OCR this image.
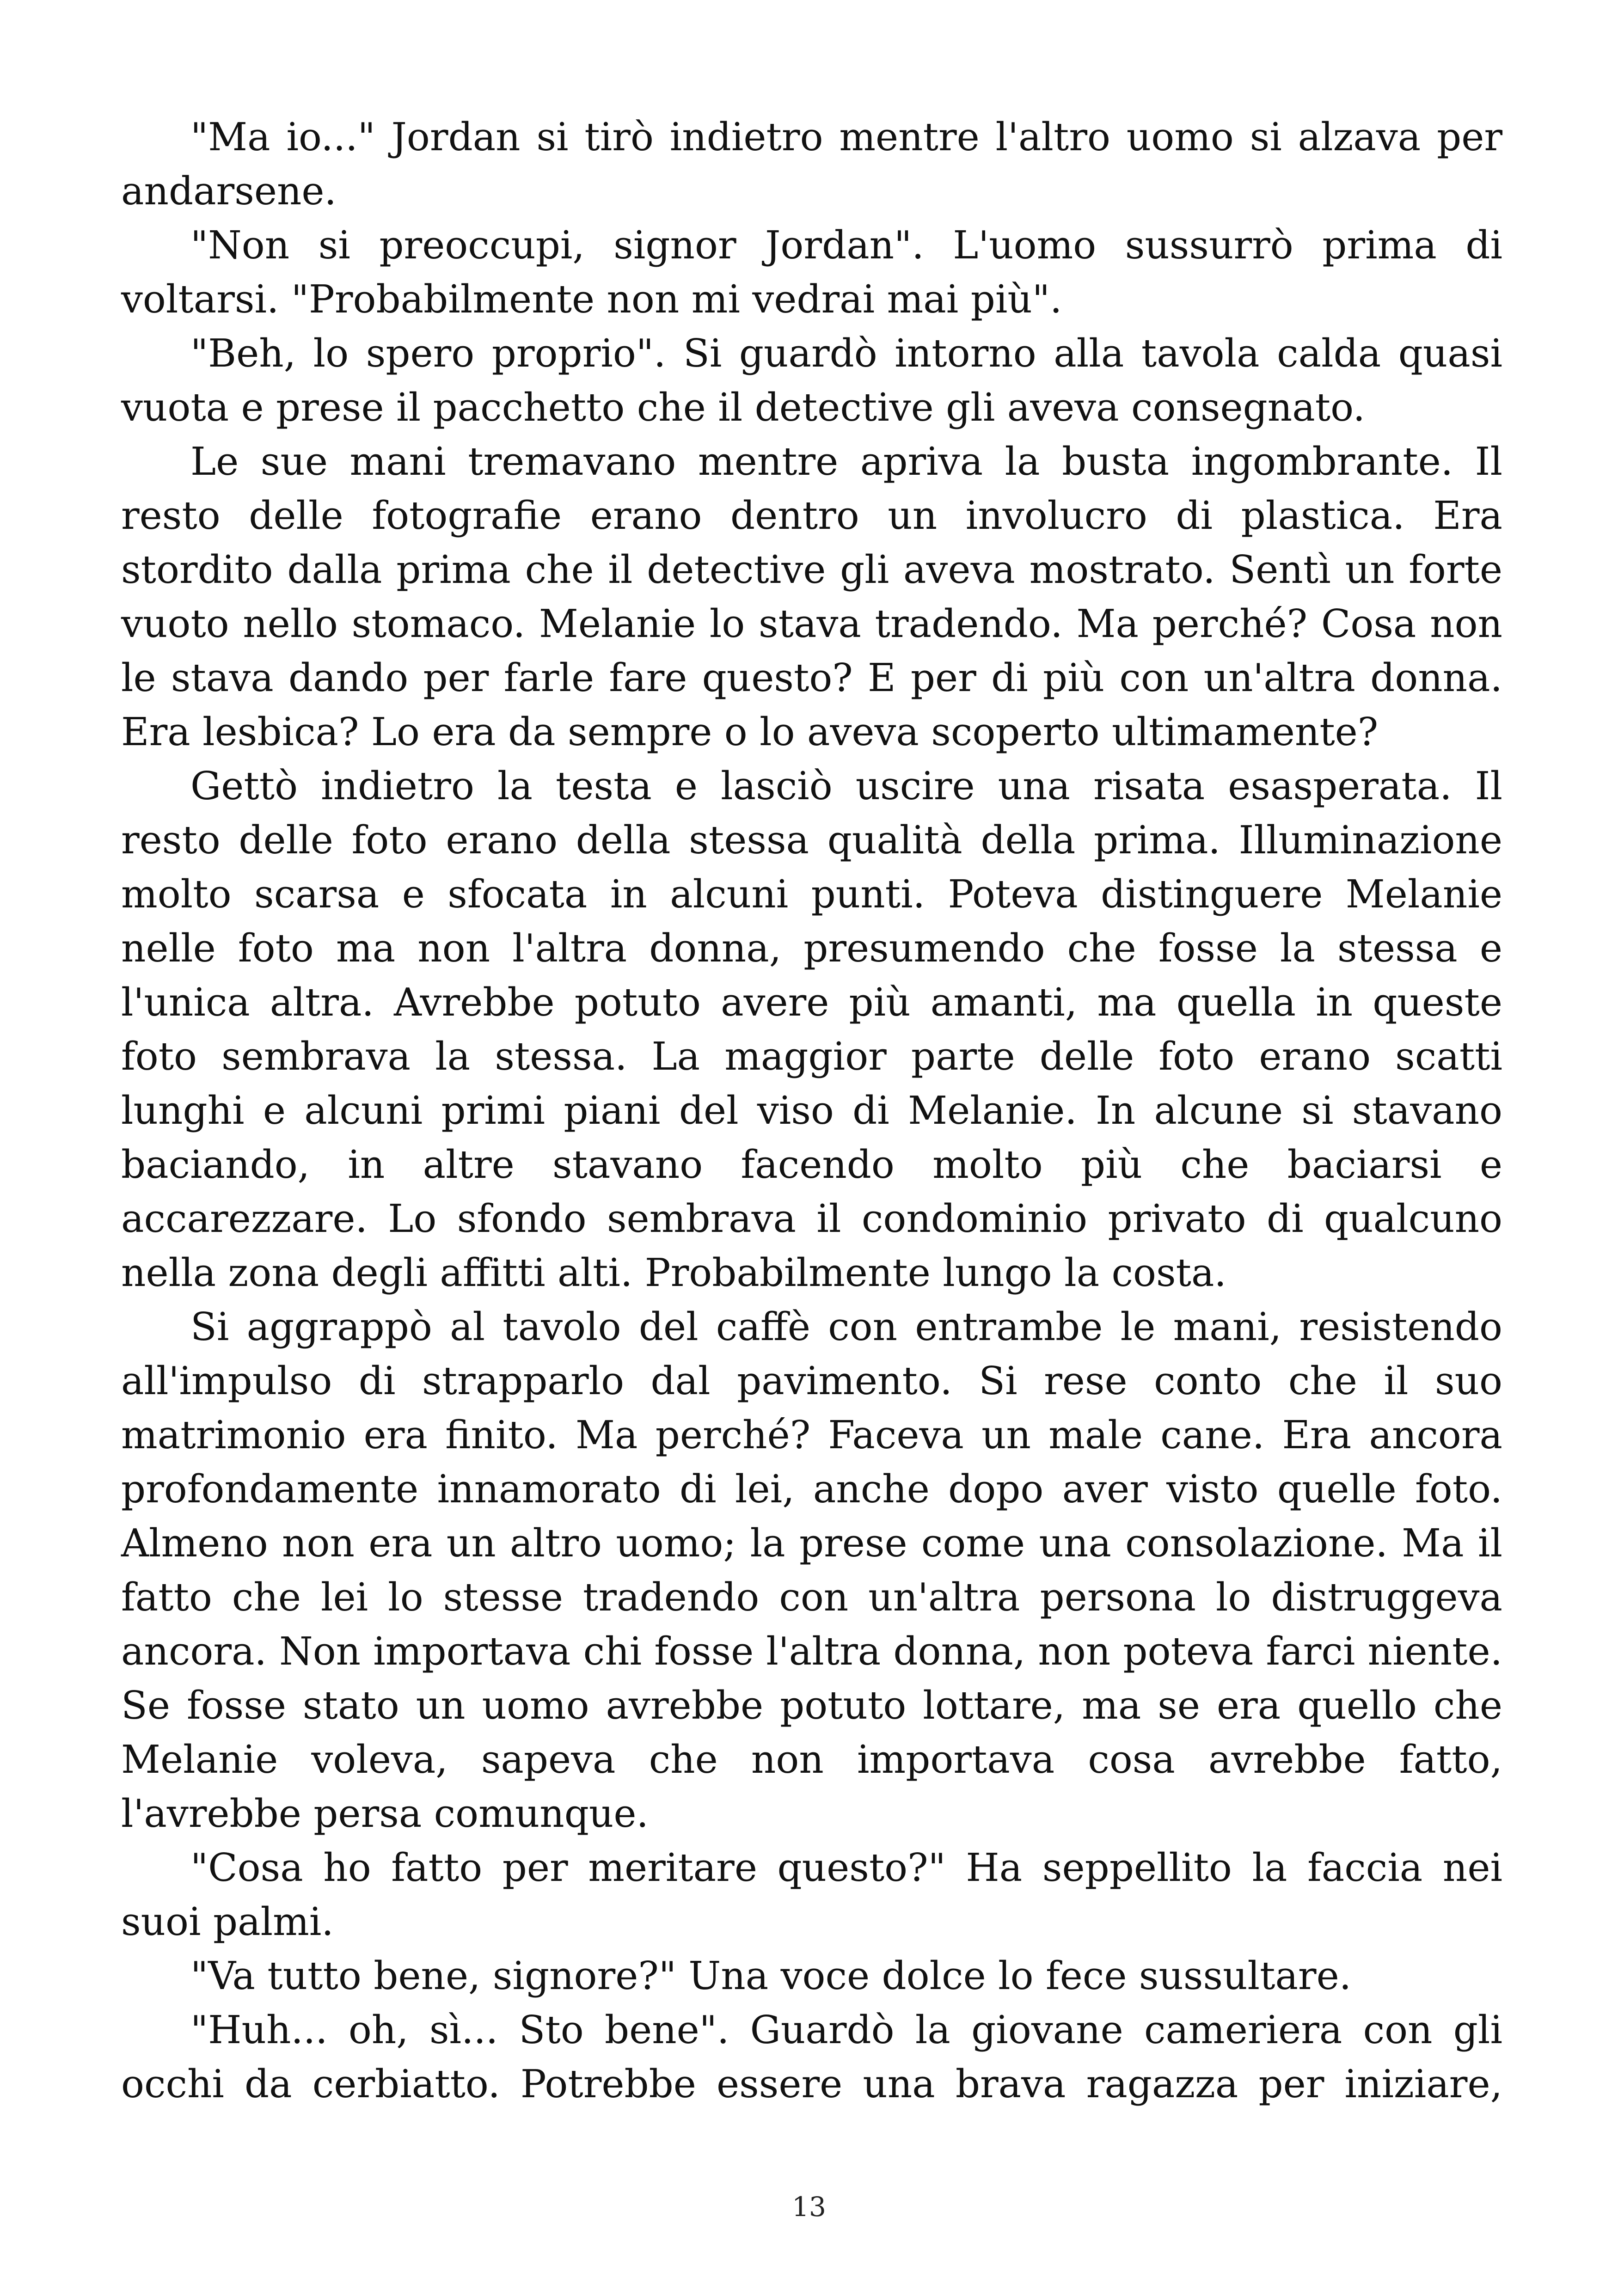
"Ma io..." Jordan si tirò indietro mentre l'altro uomo si alzava per andarsene.

"Non si preoccupi, signor Jordan". L'uomo sussurrò prima di voltarsi. "Probabilmente non mi vedrai mai più".

"Beh, lo spero proprio". Si guardò intorno alla tavola calda quasi vuota e prese il pacchetto che il detective gli aveva consegnato.

Le sue mani tremavano mentre apriva la busta ingombrante. Il resto delle fotografie erano dentro un involucro di plastica. Era stordito dalla prima che il detective gli aveva mostrato. Sentì un forte vuoto nello stomaco. Melanie lo stava tradendo. Ma perché? Cosa non le stava dando per farle fare questo? E per di più con un'altra donna. Era lesbica? Lo era da sempre o lo aveva scoperto ultimamente?

Gettò indietro la testa e lasciò uscire una risata esasperata. Il resto delle foto erano della stessa qualità della prima. Illuminazione molto scarsa e sfocata in alcuni punti. Poteva distinguere Melanie nelle foto ma non l'altra donna, presumendo che fosse la stessa e l'unica altra. Avrebbe potuto avere più amanti, ma quella in queste foto sembrava la stessa. La maggior parte delle foto erano scatti lunghi e alcuni primi piani del viso di Melanie. In alcune si stavano baciando, in altre stavano facendo molto più che baciarsi e accarezzare. Lo sfondo sembrava il condominio privato di qualcuno nella zona degli affitti alti. Probabilmente lungo la costa.

Si aggrappò al tavolo del caffè con entrambe le mani, resistendo all'impulso di strapparlo dal pavimento. Si rese conto che il suo matrimonio era finito. Ma perché? Faceva un male cane. Era ancora profondamente innamorato di lei, anche dopo aver visto quelle foto. Almeno non era un altro uomo; la prese come una consolazione. Ma il fatto che lei lo stesse tradendo con un'altra persona lo distruggeva ancora. Non importava chi fosse l'altra donna, non poteva farci niente. Se fosse stato un uomo avrebbe potuto lottare, ma se era quello che Melanie voleva, sapeva che non importava cosa avrebbe fatto, l'avrebbe persa comunque.

"Cosa ho fatto per meritare questo?" Ha seppellito la faccia nei suoi palmi.

"Va tutto bene, signore?" Una voce dolce lo fece sussultare.

"Huh... oh, sì... Sto bene". Guardò la giovane cameriera con gli occhi da cerbiatto. Potrebbe essere una brava ragazza per iniziare,

13
